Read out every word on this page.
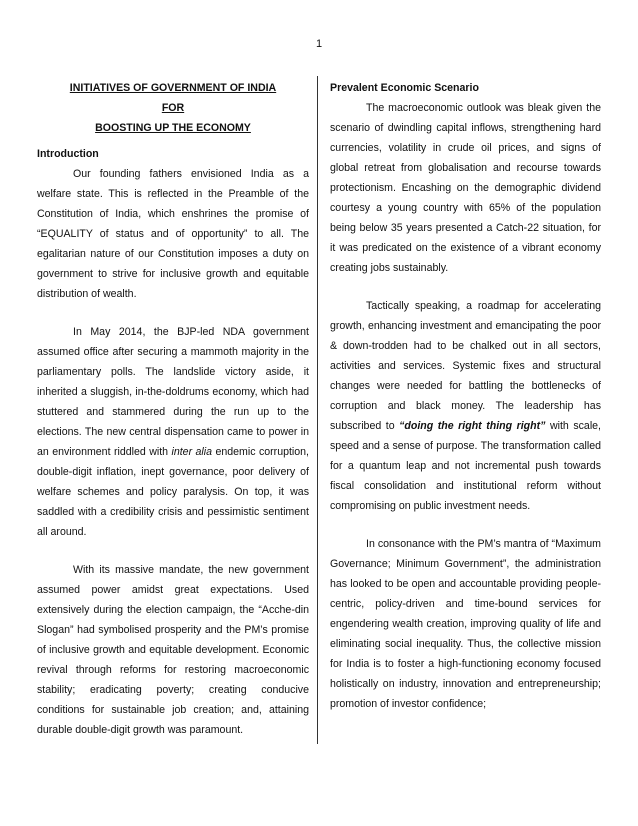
1
INITIATIVES OF GOVERNMENT OF INDIA
FOR
BOOSTING UP THE ECONOMY
Introduction

Our founding fathers envisioned India as a welfare state. This is reflected in the Preamble of the Constitution of India, which enshrines the promise of “EQUALITY of status and of opportunity” to all. The egalitarian nature of our Constitution imposes a duty on government to strive for inclusive growth and equitable distribution of wealth.

In May 2014, the BJP-led NDA government assumed office after securing a mammoth majority in the parliamentary polls. The landslide victory aside, it inherited a sluggish, in-the-doldrums economy, which had stuttered and stammered during the run up to the elections. The new central dispensation came to power in an environment riddled with inter alia endemic corruption, double-digit inflation, inept governance, poor delivery of welfare schemes and policy paralysis. On top, it was saddled with a credibility crisis and pessimistic sentiment all around.

With its massive mandate, the new government assumed power amidst great expectations. Used extensively during the election campaign, the “Acche-din Slogan” had symbolised prosperity and the PM’s promise of inclusive growth and equitable development. Economic revival through reforms for restoring macroeconomic stability; eradicating poverty; creating conducive conditions for sustainable job creation; and, attaining durable double-digit growth was paramount.

Prevalent Economic Scenario

The macroeconomic outlook was bleak given the scenario of dwindling capital inflows, strengthening hard currencies, volatility in crude oil prices, and signs of global retreat from globalisation and recourse towards protectionism. Encashing on the demographic dividend courtesy a young country with 65% of the population being below 35 years presented a Catch-22 situation, for it was predicated on the existence of a vibrant economy creating jobs sustainably.

Tactically speaking, a roadmap for accelerating growth, enhancing investment and emancipating the poor & down-trodden had to be chalked out in all sectors, activities and services. Systemic fixes and structural changes were needed for battling the bottlenecks of corruption and black money. The leadership has subscribed to “doing the right thing right” with scale, speed and a sense of purpose. The transformation called for a quantum leap and not incremental push towards fiscal consolidation and institutional reform without compromising on public investment needs.

In consonance with the PM’s mantra of “Maximum Governance; Minimum Government”, the administration has looked to be open and accountable providing people-centric, policy-driven and time-bound services for engendering wealth creation, improving quality of life and eliminating social inequality. Thus, the collective mission for India is to foster a high-functioning economy focused holistically on industry, innovation and entrepreneurship; promotion of investor confidence;
